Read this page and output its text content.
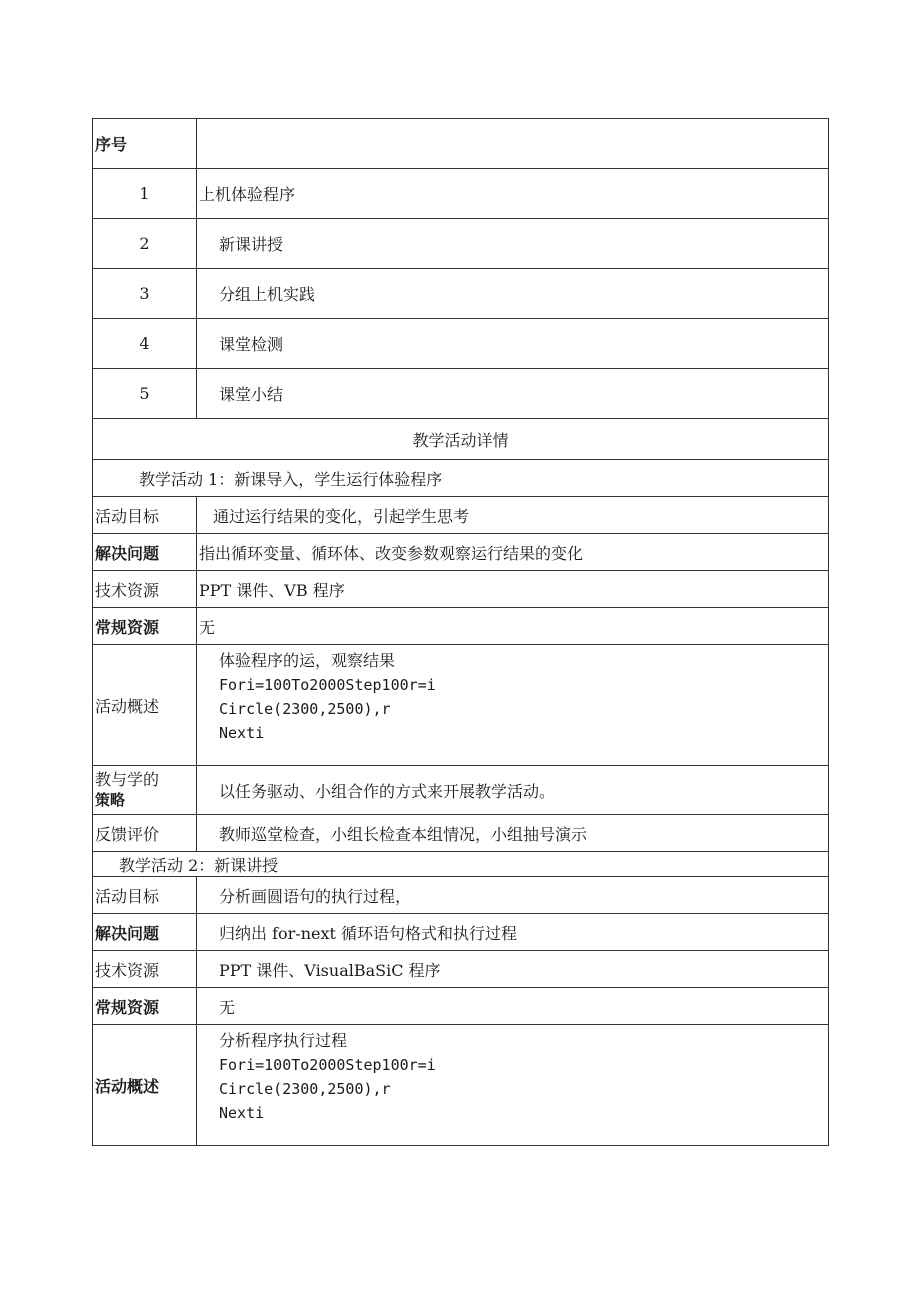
序号	
1	上机体验程序
2	新课讲授
3	分组上机实践
4	课堂检测
5	课堂小结
教学活动详情	
教学活动 1：新课导入，学生运行体验程序	
活动目标	通过运行结果的变化，引起学生思考
解决问题	指出循环变量、循环体、改变参数观察运行结果的变化
技术资源	PPT 课件、VB 程序
常规资源	无
活动概述	体验程序的运，观察结果
Fori=100To2000Step100r=i
Circle(2300,2500),r
Nexti

教与学的
策略	以任务驱动、小组合作的方式来开展教学活动。
反馈评价	教师巡堂检查，小组长检查本组情况，小组抽号演示
教学活动 2：新课讲授	
活动目标	分析画圆语句的执行过程，
解决问题	归纳出 for-next 循环语句格式和执行过程
技术资源	PPT 课件、VisualBaSiC 程序
常规资源	无
活动概述	分析程序执行过程
Fori=100To2000Step100r=i
Circle(2300,2500),r
Nexti
